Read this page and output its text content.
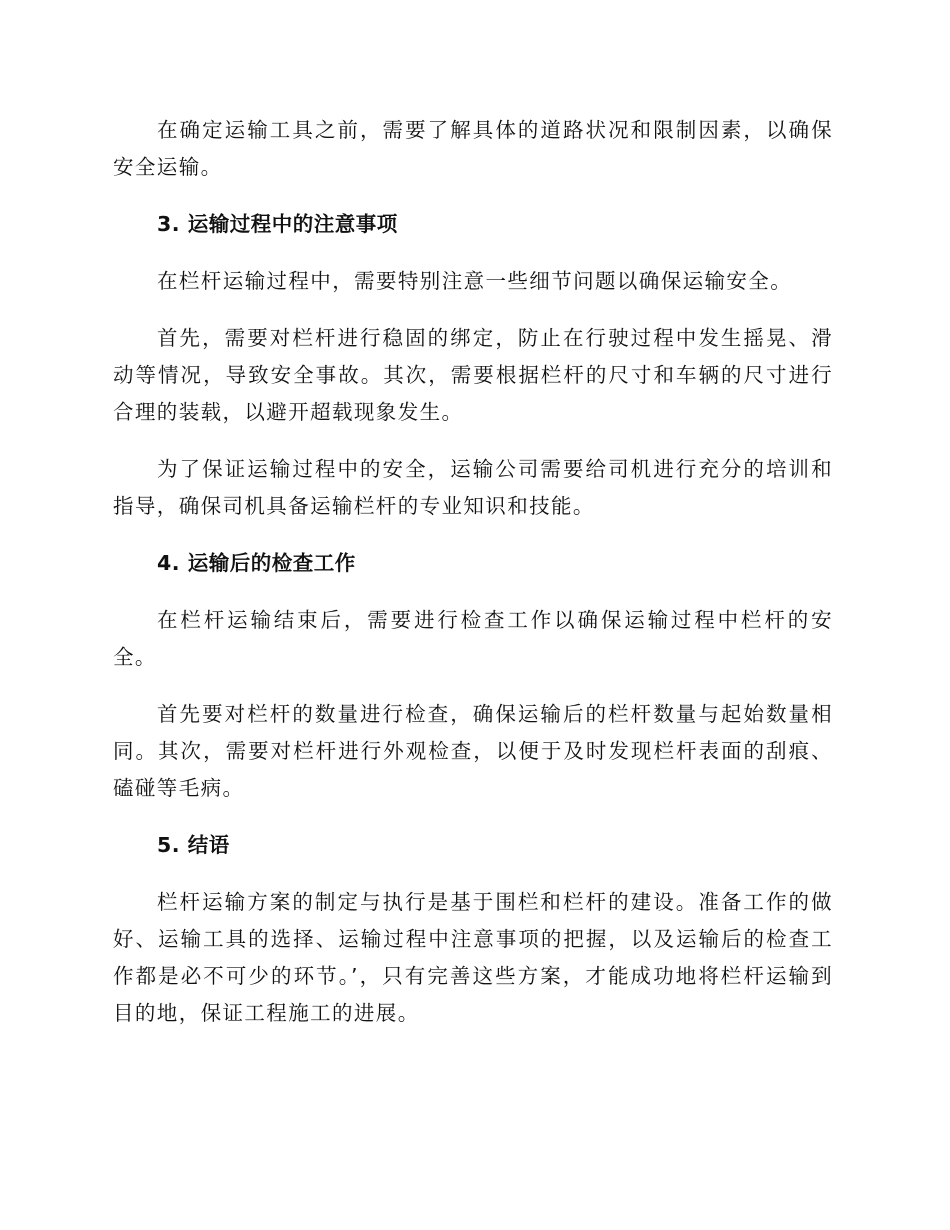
在确定运输工具之前，需要了解具体的道路状况和限制因素，以确保安全运输。

3. 运输过程中的注意事项

在栏杆运输过程中，需要特别注意一些细节问题以确保运输安全。

首先，需要对栏杆进行稳固的绑定，防止在行驶过程中发生摇晃、滑动等情况，导致安全事故。其次，需要根据栏杆的尺寸和车辆的尺寸进行合理的装载，以避开超载现象发生。

为了保证运输过程中的安全，运输公司需要给司机进行充分的培训和指导，确保司机具备运输栏杆的专业知识和技能。

4. 运输后的检查工作

在栏杆运输结束后，需要进行检查工作以确保运输过程中栏杆的安全。

首先要对栏杆的数量进行检查，确保运输后的栏杆数量与起始数量相同。其次，需要对栏杆进行外观检查，以便于及时发现栏杆表面的刮痕、磕碰等毛病。

5. 结语

栏杆运输方案的制定与执行是基于围栏和栏杆的建设。准备工作的做好、运输工具的选择、运输过程中注意事项的把握，以及运输后的检查工作都是必不可少的环节。’，只有完善这些方案，才能成功地将栏杆运输到目的地，保证工程施工的进展。
